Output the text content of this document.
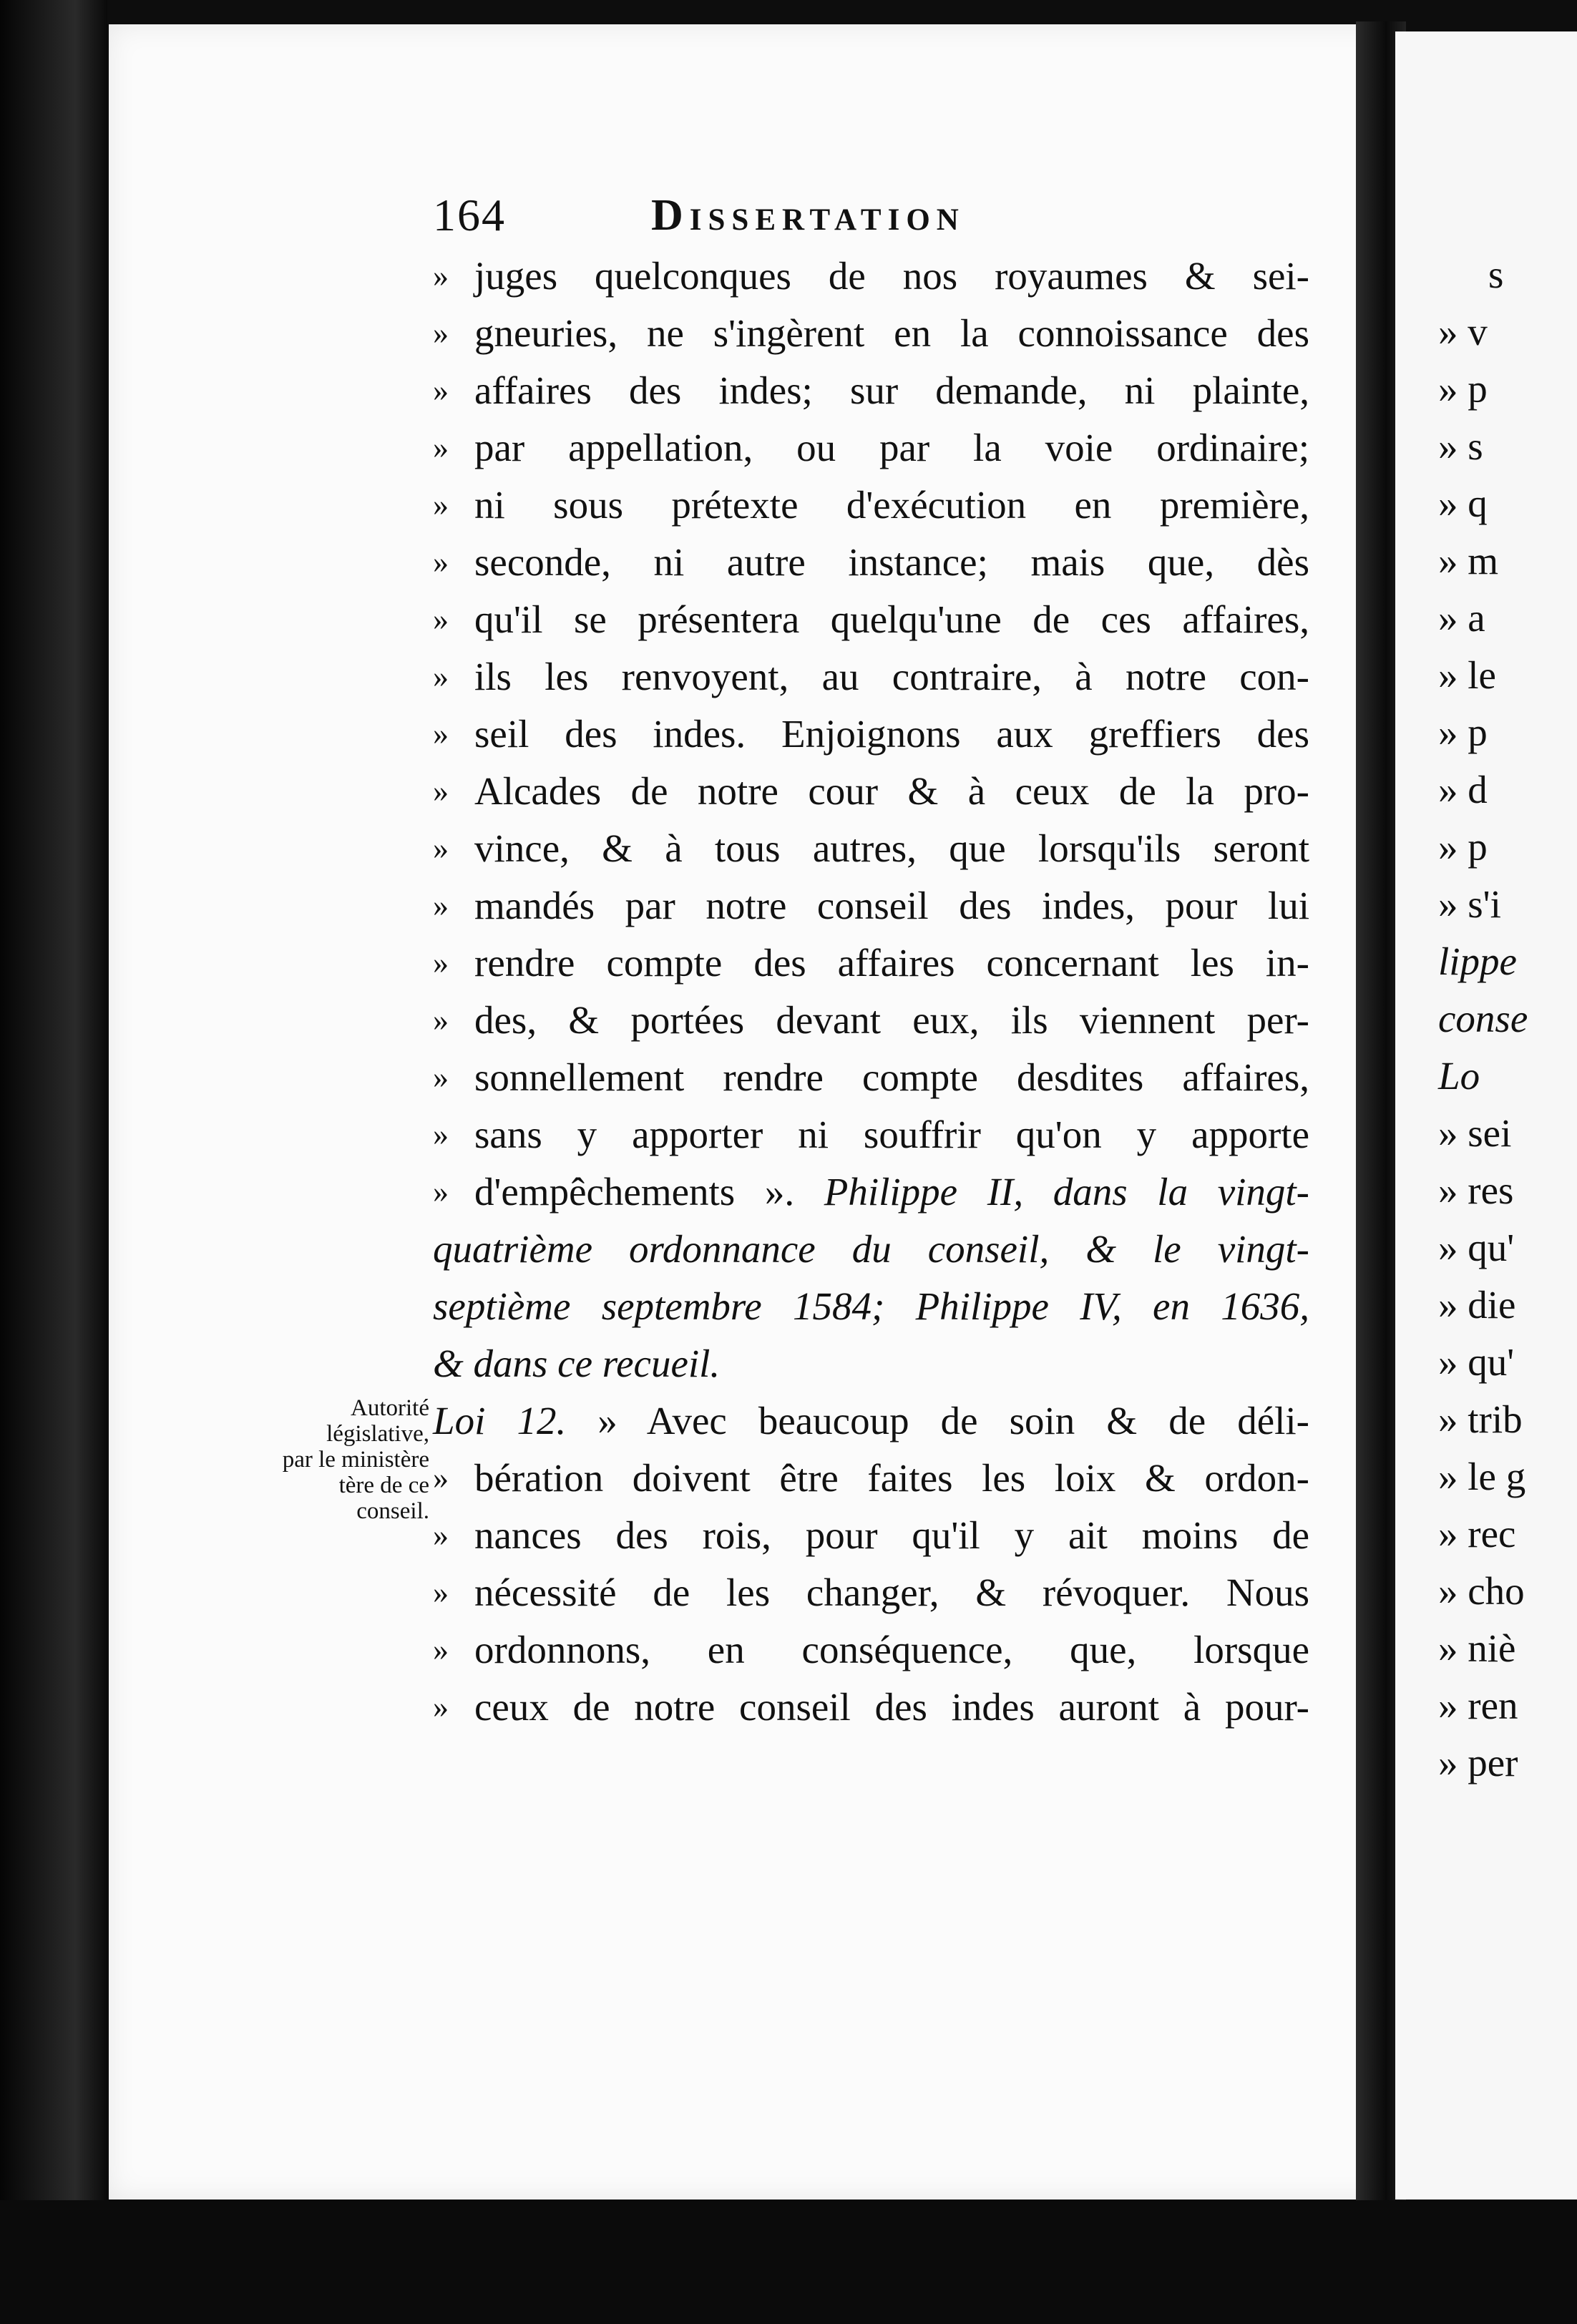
s
» v
» p
» s
» q
» m
» a
» le
» p
» d
» p
» s'i
lippe
conse
Lo
» sei
» res
» qu'
» die
» qu'
» trib
» le g
» rec
» cho
» niè
» ren
» per
164	Dissertation
» juges quelconques de nos royaumes & sei-
» gneuries, ne s'ingèrent en la connoissance des
» affaires des indes; sur demande, ni plainte,
» par appellation, ou par la voie ordinaire;
» ni sous prétexte d'exécution en première,
» seconde, ni autre instance; mais que, dès
» qu'il se présentera quelqu'une de ces affaires,
» ils les renvoyent, au contraire, à notre con-
» seil des indes. Enjoignons aux greffiers des
» Alcades de notre cour & à ceux de la pro-
» vince, & à tous autres, que lorsqu'ils seront
» mandés par notre conseil des indes, pour lui
» rendre compte des affaires concernant les in-
» des, & portées devant eux, ils viennent per-
» sonnellement rendre compte desdites affaires,
» sans y apporter ni souffrir qu'on y apporte
» d'empêchements ». Philippe II, dans la vingt-
quatrième ordonnance du conseil, & le vingt-
septième septembre 1584; Philippe IV, en 1636,
& dans ce recueil.
Loi 12. » Avec beaucoup de soin & de déli-
» bération doivent être faites les loix & ordon-
» nances des rois, pour qu'il y ait moins de
» nécessité de les changer, & révoquer. Nous
» ordonnons, en conséquence, que, lorsque
» ceux de notre conseil des indes auront à pour-
Autorité
législative,
par le ministère
tère de ce
conseil.
